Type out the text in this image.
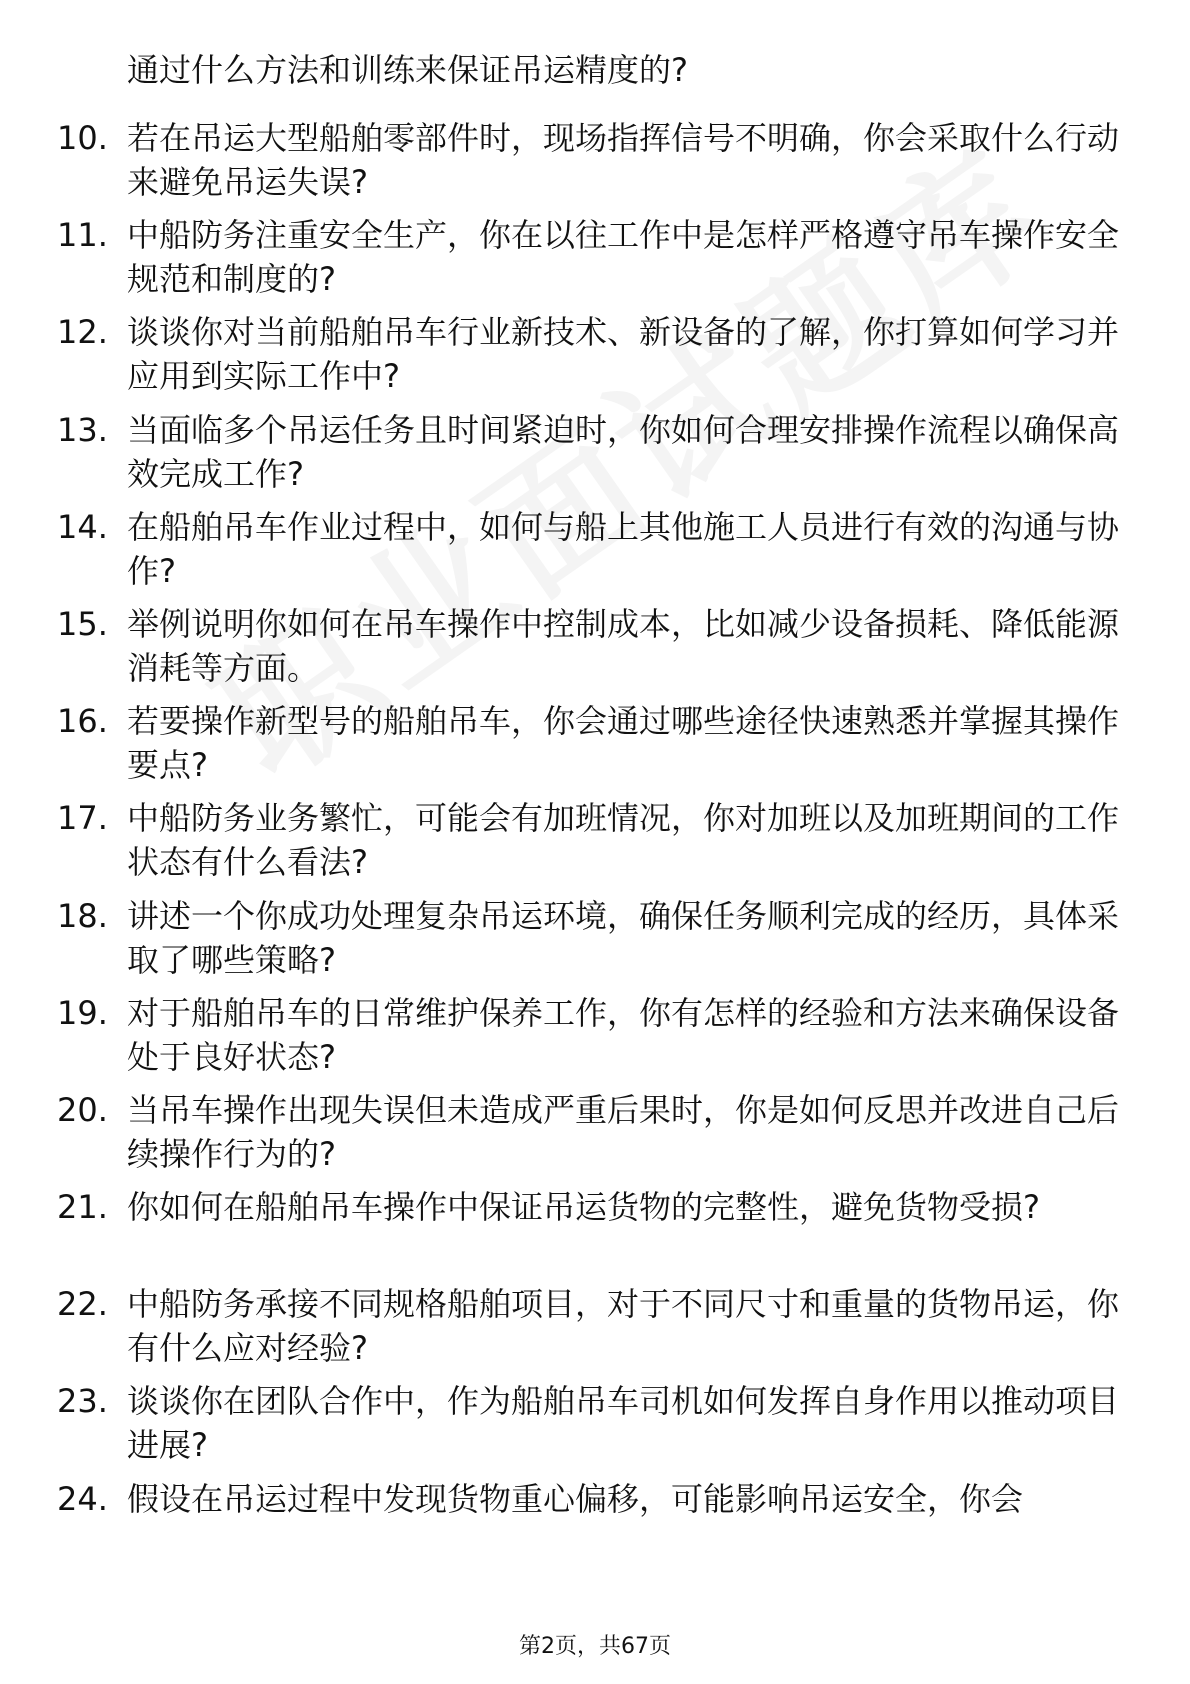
通过什么方法和训练来保证吊运精度的?
10. 若在吊运大型船舶零部件时，现场指挥信号不明确，你会采取什么行动来避免吊运失误?
11. 中船防务注重安全生产，你在以往工作中是怎样严格遵守吊车操作安全规范和制度的?
12. 谈谈你对当前船舶吊车行业新技术、新设备的了解，你打算如何学习并应用到实际工作中?
13. 当面临多个吊运任务且时间紧迫时，你如何合理安排操作流程以确保高效完成工作?
14. 在船舶吊车作业过程中，如何与船上其他施工人员进行有效的沟通与协作?
15. 举例说明你如何在吊车操作中控制成本，比如减少设备损耗、降低能源消耗等方面。
16. 若要操作新型号的船舶吊车，你会通过哪些途径快速熟悉并掌握其操作要点?
17. 中船防务业务繁忙，可能会有加班情况，你对加班以及加班期间的工作状态有什么看法?
18. 讲述一个你成功处理复杂吊运环境，确保任务顺利完成的经历，具体采取了哪些策略?
19. 对于船舶吊车的日常维护保养工作，你有怎样的经验和方法来确保设备处于良好状态?
20. 当吊车操作出现失误但未造成严重后果时，你是如何反思并改进自己后续操作行为的?
21. 你如何在船舶吊车操作中保证吊运货物的完整性，避免货物受损?
22. 中船防务承接不同规格船舶项目，对于不同尺寸和重量的货物吊运，你有什么应对经验?
23. 谈谈你在团队合作中，作为船舶吊车司机如何发挥自身作用以推动项目进展?
24. 假设在吊运过程中发现货物重心偏移，可能影响吊运安全，你会
第2页，共67页
